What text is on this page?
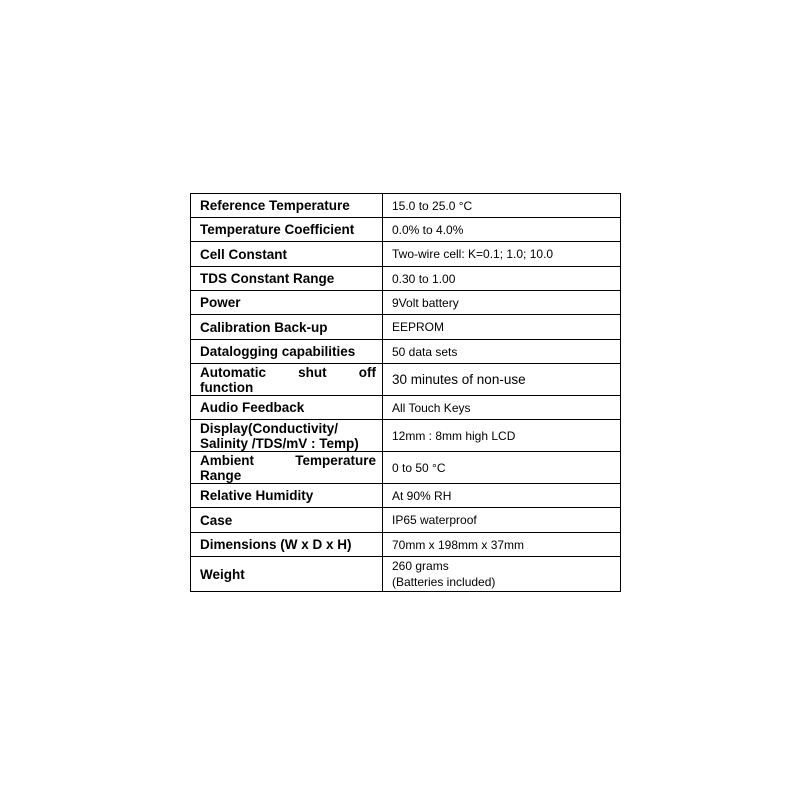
Reference Temperature	15.0 to 25.0 °C
Temperature Coefficient	0.0% to 4.0%
Cell Constant	Two-wire cell: K=0.1; 1.0; 10.0
TDS Constant Range	0.30 to 1.00
Power	9Volt battery
Calibration Back-up	EEPROM
Datalogging capabilities	50 data sets

Automatic shut off
function	30 minutes of non-use
Audio Feedback	All Touch Keys

Display(Conductivity/
Salinity /TDS/mV : Temp)	12mm : 8mm high LCD

Ambient Temperature
Range	0 to 50 °C
Relative Humidity	At 90% RH
Case	IP65 waterproof
Dimensions (W x D x H)	70mm x 198mm x 37mm
Weight	260 grams
(Batteries included)
